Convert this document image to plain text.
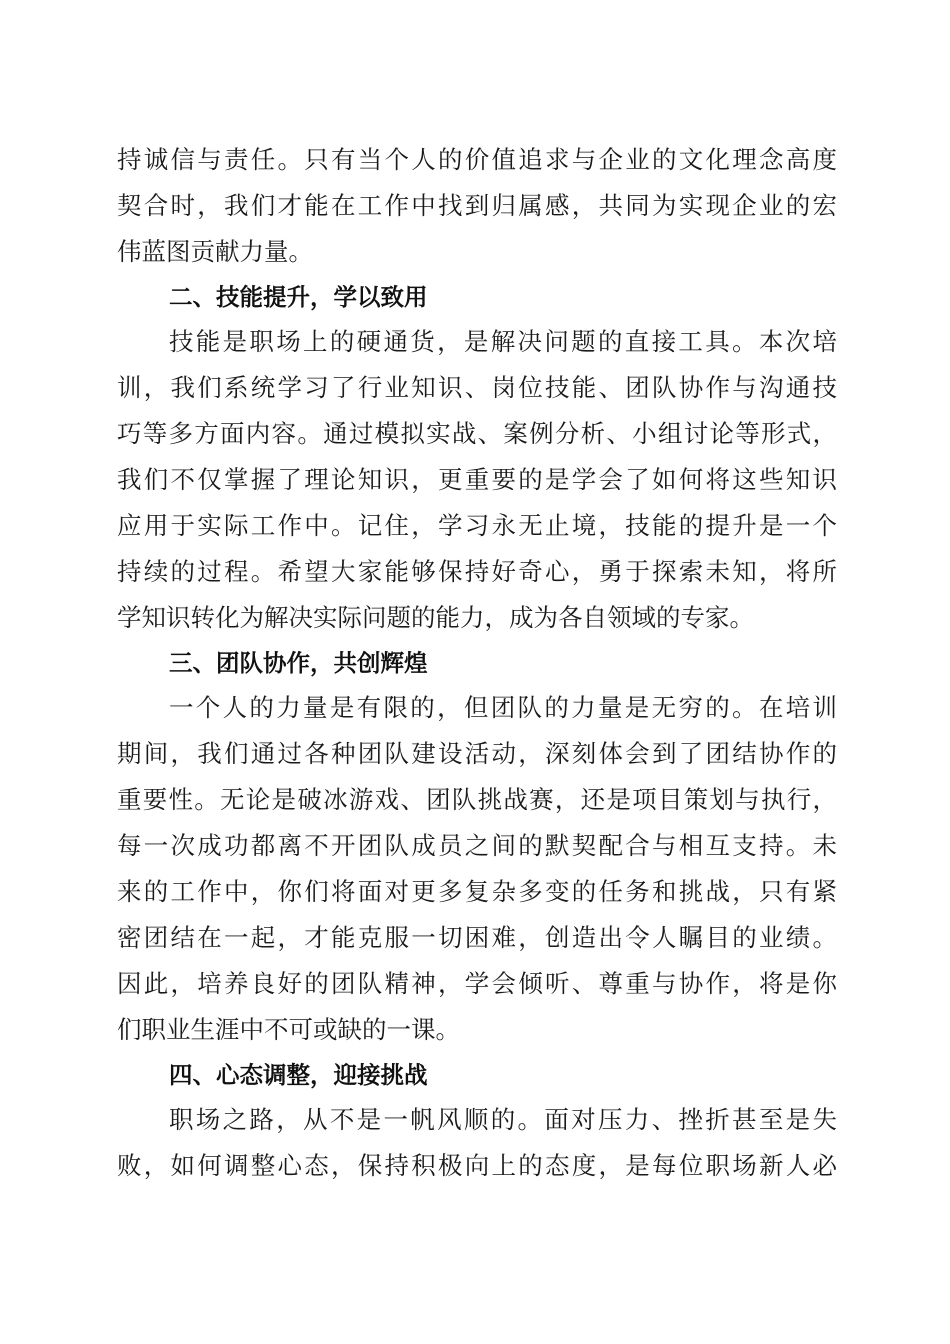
持诚信与责任。只有当个人的价值追求与企业的文化理念高度
契合时，我们才能在工作中找到归属感，共同为实现企业的宏
伟蓝图贡献力量。
二、技能提升，学以致用
技能是职场上的硬通货，是解决问题的直接工具。本次培
训，我们系统学习了行业知识、岗位技能、团队协作与沟通技
巧等多方面内容。通过模拟实战、案例分析、小组讨论等形式，
我们不仅掌握了理论知识，更重要的是学会了如何将这些知识
应用于实际工作中。记住，学习永无止境，技能的提升是一个
持续的过程。希望大家能够保持好奇心，勇于探索未知，将所
学知识转化为解决实际问题的能力，成为各自领域的专家。
三、团队协作，共创辉煌
一个人的力量是有限的，但团队的力量是无穷的。在培训
期间，我们通过各种团队建设活动，深刻体会到了团结协作的
重要性。无论是破冰游戏、团队挑战赛，还是项目策划与执行，
每一次成功都离不开团队成员之间的默契配合与相互支持。未
来的工作中，你们将面对更多复杂多变的任务和挑战，只有紧
密团结在一起，才能克服一切困难，创造出令人瞩目的业绩。
因此，培养良好的团队精神，学会倾听、尊重与协作，将是你
们职业生涯中不可或缺的一课。
四、心态调整，迎接挑战
职场之路，从不是一帆风顺的。面对压力、挫折甚至是失
败，如何调整心态，保持积极向上的态度，是每位职场新人必
